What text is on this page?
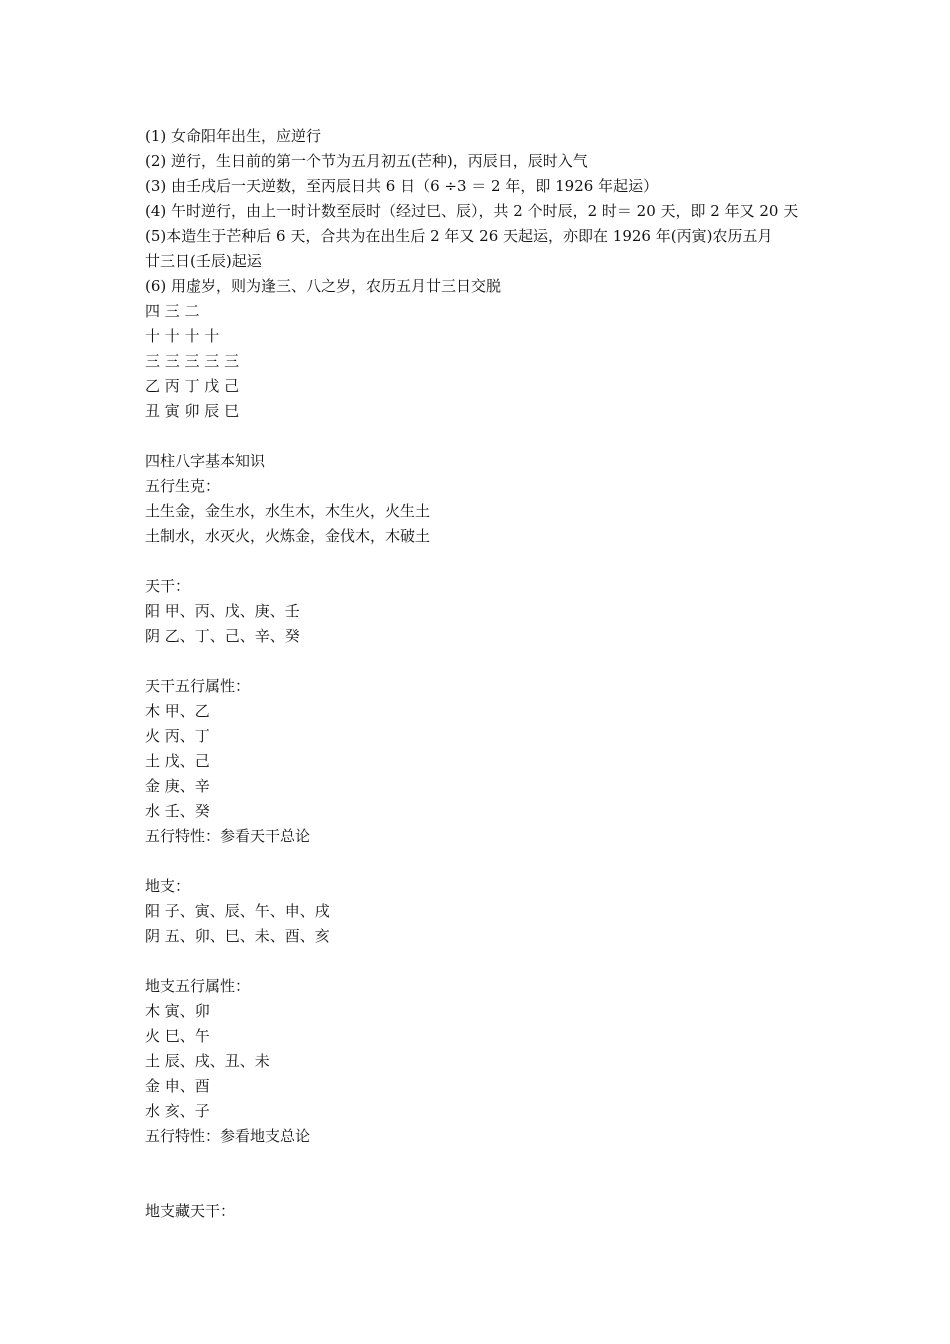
(1) 女命阳年出生，应逆行
(2) 逆行，生日前的第一个节为五月初五(芒种)，丙辰日，辰时入气
(3) 由壬戌后一天逆数，至丙辰日共 6 日（6 ÷3 ＝ 2 年，即 1926 年起运）
(4) 午时逆行，由上一时计数至辰时（经过巳、辰），共 2 个时辰，2 时＝ 20 天，即 2 年又 20 天
(5)本造生于芒种后 6 天，合共为在出生后 2 年又 26 天起运，亦即在 1926 年(丙寅)农历五月
廿三日(壬辰)起运
(6) 用虚岁，则为逢三、八之岁，农历五月廿三日交脱
四 三 二
十 十 十 十
三 三 三 三 三
乙 丙 丁 戊 己
丑 寅 卯 辰 巳
四柱八字基本知识
五行生克：
土生金，金生水，水生木，木生火，火生土
土制水，水灭火，火炼金，金伐木，木破土
天干：
阳 甲、丙、戊、庚、壬
阴 乙、丁、己、辛、癸
天干五行属性：
木 甲、乙
火 丙、丁
土 戊、己
金 庚、辛
水 壬、癸
五行特性：参看天干总论
地支：
阳 子、寅、辰、午、申、戌
阴 五、卯、巳、未、酉、亥
地支五行属性：
木 寅、卯
火 巳、午
土 辰、戌、丑、未
金 申、酉
水 亥、子
五行特性：参看地支总论
地支藏天干：
